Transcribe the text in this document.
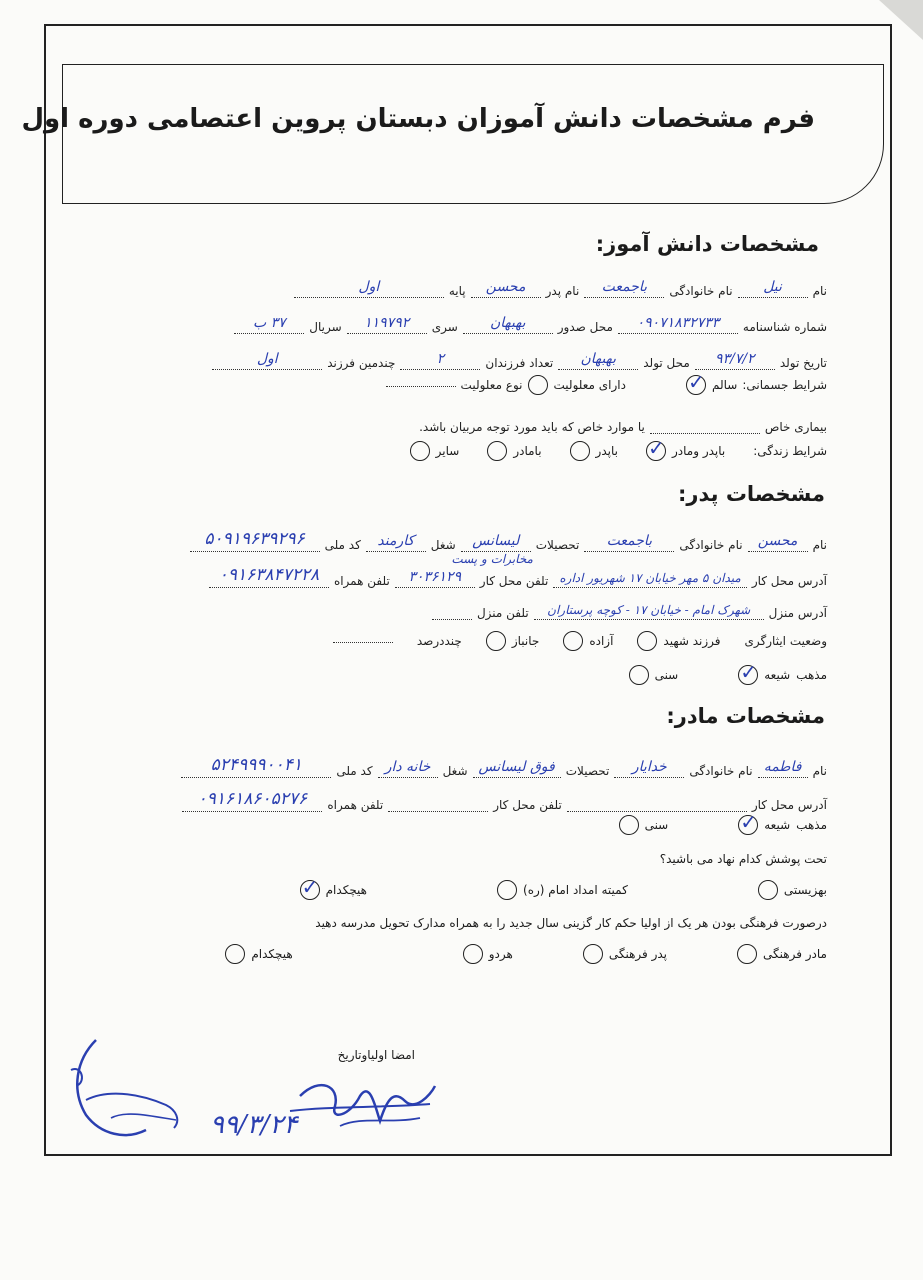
فرم مشخصات دانش آموزان دبستان پروین اعتصامی دوره اول
مشخصات دانش آموز:
نام
نیل
نام خانوادگی
باجمعت
نام پدر
محسن
پایه
اول
شماره شناسنامه
۰۹۰۷۱۸۳۲۷۳۳
محل صدور
بهبهان
سری
۱۱۹۷۹۲
سریال
۳۷ ب
تاریخ تولد
۹۳/۷/۲
محل تولد
بهبهان
تعداد فرزندان
۲
چندمین فرزند
اول
شرایط جسمانی:
سالم
✓
دارای معلولیت
نوع معلولیت
بیماری خاص
یا موارد خاص که باید مورد توجه مربیان باشد.
شرایط زندگی:
باپدر ومادر
✓
باپدر
بامادر
سایر
مشخصات پدر:
نام
محسن
نام خانوادگی
باجمعت
تحصیلات
لیسانس
شغل
کارمند
کد ملی
۵۰۹۱۹۶۳۹۲۹۶
مخابرات و پست
آدرس محل کار
میدان ۵ مهر خیابان ۱۷ شهریور اداره
تلفن محل کار
۳۰۳۶۱۲۹
تلفن همراه
۰۹۱۶۳۸۴۷۲۲۸
آدرس منزل
شهرک امام - خیابان ۱۷ - کوچه پرستاران
تلفن منزل
وضعیت ایثارگری
فرزند شهید
آزاده
جانباز
چنددرصد
مذهب
شیعه
✓
سنی
مشخصات مادر:
نام
فاطمه
نام خانوادگی
خدایار
تحصیلات
فوق لیسانس
شغل
خانه دار
کد ملی
۵۲۴۹۹۹۰۰۴۱
آدرس محل کار
تلفن محل کار
تلفن همراه
۰۹۱۶۱۸۶۰۵۲۷۶
مذهب
شیعه
✓
سنی
تحت پوشش کدام نهاد می باشید؟
بهزیستی
کمیته امداد امام (ره)
هیچکدام
✓
درصورت فرهنگی بودن هر یک از اولیا حکم کار گزینی سال جدید را به همراه مدارک تحویل مدرسه دهید
مادر فرهنگی
پدر فرهنگی
هردو
هیچکدام
امضا اولیاوتاریخ
۹۹/۳/۲۴
